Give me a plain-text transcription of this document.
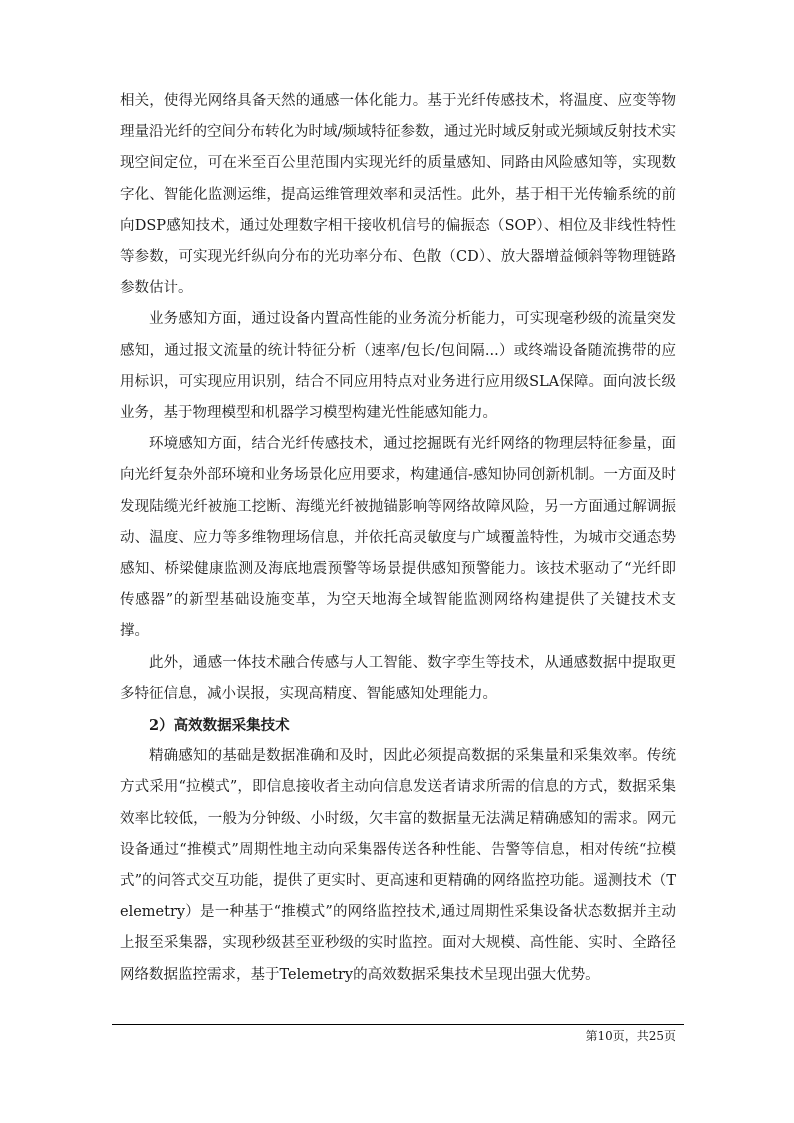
相关，使得光网络具备天然的通感一体化能力。基于光纤传感技术，将温度、应变等物理量沿光纤的空间分布转化为时域/频域特征参数，通过光时域反射或光频域反射技术实现空间定位，可在米至百公里范围内实现光纤的质量感知、同路由风险感知等，实现数字化、智能化监测运维，提高运维管理效率和灵活性。此外，基于相干光传输系统的前向DSP感知技术，通过处理数字相干接收机信号的偏振态（SOP）、相位及非线性特性等参数，可实现光纤纵向分布的光功率分布、色散（CD）、放大器增益倾斜等物理链路参数估计。

业务感知方面，通过设备内置高性能的业务流分析能力，可实现毫秒级的流量突发感知，通过报文流量的统计特征分析（速率/包长/包间隔...）或终端设备随流携带的应用标识，可实现应用识别，结合不同应用特点对业务进行应用级SLA保障。面向波长级业务，基于物理模型和机器学习模型构建光性能感知能力。

环境感知方面，结合光纤传感技术，通过挖掘既有光纤网络的物理层特征参量，面向光纤复杂外部环境和业务场景化应用要求，构建通信-感知协同创新机制。一方面及时发现陆缆光纤被施工挖断、海缆光纤被抛锚影响等网络故障风险，另一方面通过解调振动、温度、应力等多维物理场信息，并依托高灵敏度与广域覆盖特性，为城市交通态势感知、桥梁健康监测及海底地震预警等场景提供感知预警能力。该技术驱动了“光纤即传感器”的新型基础设施变革，为空天地海全域智能监测网络构建提供了关键技术支撑。

此外，通感一体技术融合传感与人工智能、数字孪生等技术，从通感数据中提取更多特征信息，减小误报，实现高精度、智能感知处理能力。

2）高效数据采集技术

精确感知的基础是数据准确和及时，因此必须提高数据的采集量和采集效率。传统方式采用“拉模式”，即信息接收者主动向信息发送者请求所需的信息的方式，数据采集效率比较低，一般为分钟级、小时级，欠丰富的数据量无法满足精确感知的需求。网元设备通过“推模式”周期性地主动向采集器传送各种性能、告警等信息，相对传统“拉模式”的问答式交互功能，提供了更实时、更高速和更精确的网络监控功能。遥测技术（Telemetry）是一种基于“推模式”的网络监控技术,通过周期性采集设备状态数据并主动上报至采集器，实现秒级甚至亚秒级的实时监控。面对大规模、高性能、实时、全路径网络数据监控需求，基于Telemetry的高效数据采集技术呈现出强大优势。

第10页，共25页
